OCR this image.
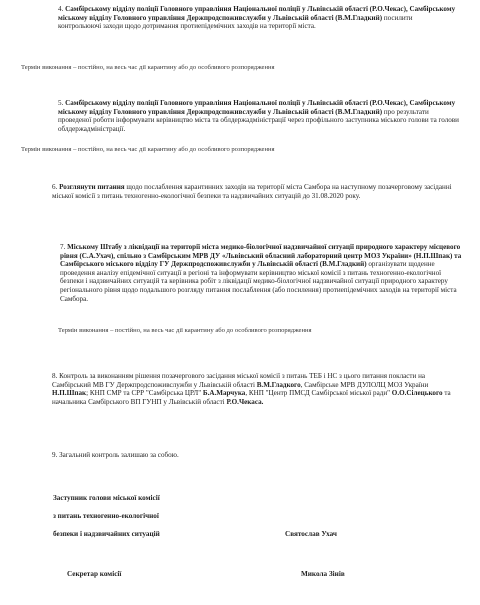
4. Самбірському відділу поліції Головного управління Національної поліції у Львівській області (Р.О.Чекас), Самбірському міському відділу Головного управління Держпродспоживслужби у Львівській області (В.М.Гладкий) посилити контрольюючі заходи щодо дотримання протиепідемічних заходів на території міста.
Термін виконання – постійно, на весь час дії карантину або до особливого розпорядження
5. Самбірському відділу поліції Головного управління Національної поліції у Львівській області (Р.О.Чекас), Самбірському міському відділу Головного управління Держпродспоживслужби у Львівській області (В.М.Гладкий) про результати проведеної роботи інформувати керівництво міста та облдержадміністрації через профільного заступника міського голови та голови облдержадміністрації.
Термін виконання – постійно, на весь час дії карантину або до особливого розпорядження
6. Розглянути питання щодо послаблення карантинних заходів на території міста Самбора на наступному позачерговому засіданні міської комісії з питань техногенно-екологічної безпеки та надзвичайних ситуацій до 31.08.2020 року.
7. Міському Штабу з ліквідації на території міста медико-біологічної надзвичайної ситуації природного характеру місцевого рівня (С.А.Ухач), спільно з Самбірським МРВ ДУ «Львівський обласний лабораторний центр МОЗ України» (Н.П.Шпак) та Самбірського міського відділу ГУ Держпродспоживслужби у Львівській області (В.М.Гладкий) організувати щоденне проведення аналізу епідемічної ситуації в регіоні та інформувати керівництво міської комісії з питань техногенно-екологічної безпеки і надзвичайних ситуацій та керівника робіт з ліквідації медико-біологічної надзвичайної ситуації природного характеру регіонального рівня щодо подальшого розгляду питання послаблення (або посилення) протиепідемічних заходів на території міста Самбора.
Термін виконання – постійно, на весь час дії карантину або до особливого розпорядження
8. Контроль за виконанням рішення позачергового засідання міської комісії з питань ТЕБ і НС з цього питання покласти на Самбірський МВ ГУ Держпродспоживслужби у Львівській області В.М.Гладкого, Самбірське МРВ ДУЛОЛЦ МОЗ України Н.П.Шпак; КНП СМР та СРР "Самбірська ЦРЛ" Б.А.Марчука, КНП "Центр ПМСД Самбірської міської ради" О.О.Сілецького та начальника Самбірського ВП ГУНП у Львівській області Р.О.Чекаса.
9. Загальний контроль залишаю за собою.
Заступник голови міської комісії
з питань техногенно-екологічної
безпеки і надзвичайних ситуацій	Святослав Ухач
Секретар комісії	Микола Зінів
